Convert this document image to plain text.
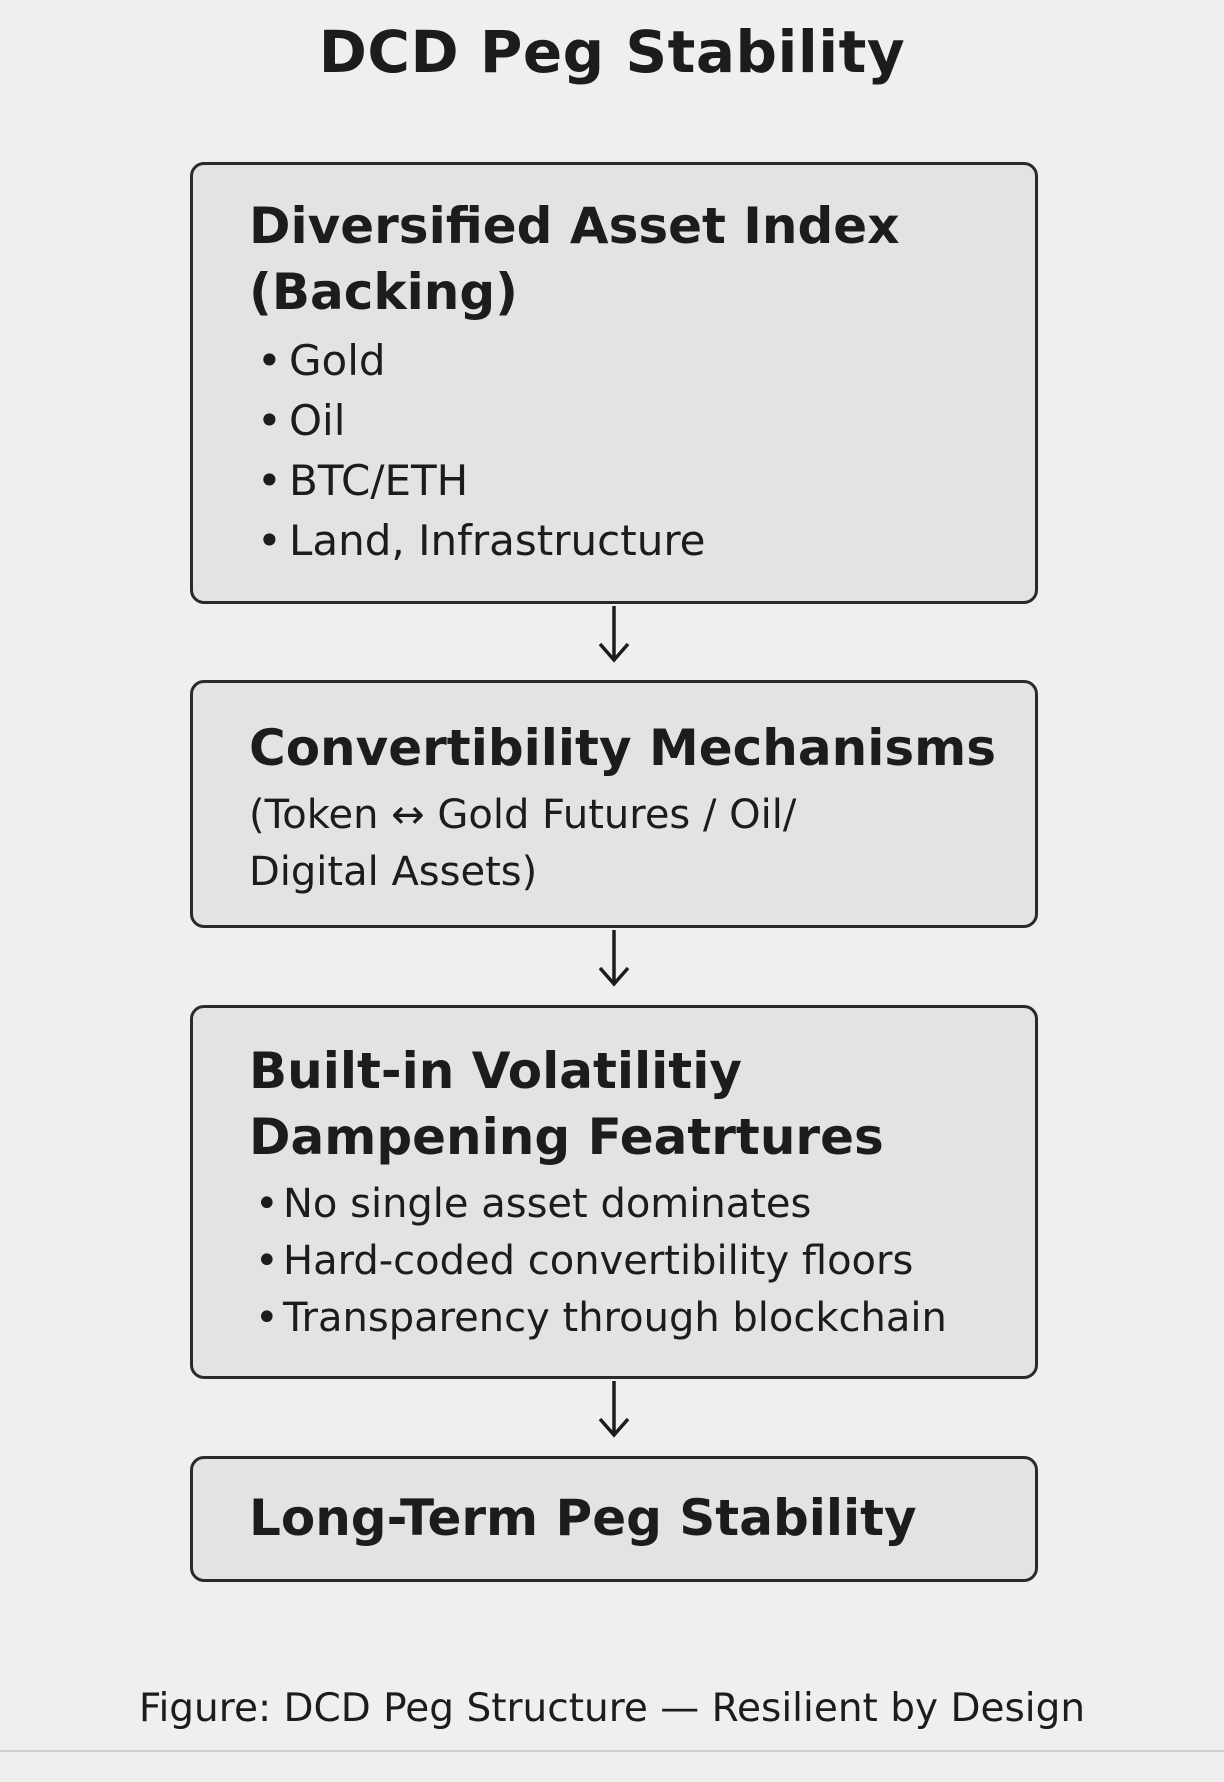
DCD Peg Stability
Diversified Asset Index
(Backing)
• Gold
• Oil
• BTC/ETH
• Land, Infrastructure
Convertibility Mechanisms
(Token ↔ Gold Futures / Oil/
Digital Assets)
Built-in Volatilitiy
Dampening Featrtures
• No single asset dominates
• Hard-coded convertibility floors
• Transparency through blockchain
Long-Term Peg Stability
Figure: DCD Peg Structure — Resilient by Design
